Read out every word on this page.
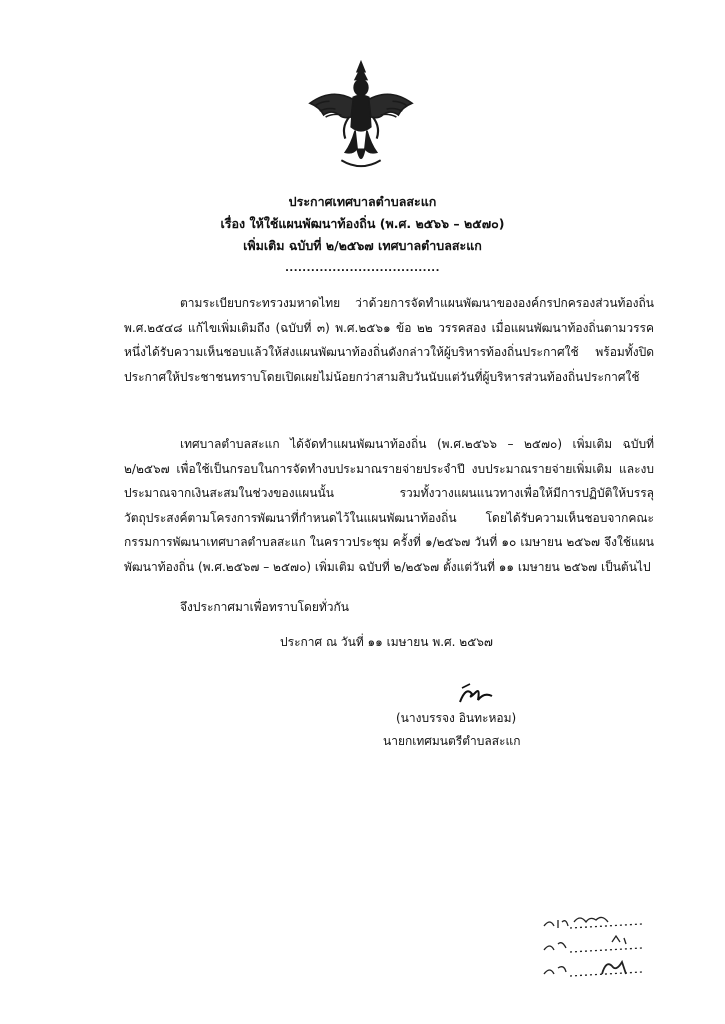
ประกาศเทศบาลตำบลสะแก
เรื่อง ให้ใช้แผนพัฒนาท้องถิ่น (พ.ศ. ๒๕๖๖ – ๒๕๗๐)
เพิ่มเติม ฉบับที่ ๒/๒๕๖๗ เทศบาลตำบลสะแก
....................................
ตามระเบียบกระทรวงมหาดไทย ว่าด้วยการจัดทำแผนพัฒนาขององค์กรปกครองส่วนท้องถิ่น พ.ศ.๒๕๔๘ แก้ไขเพิ่มเติมถึง (ฉบับที่ ๓) พ.ศ.๒๕๖๑ ข้อ ๒๒ วรรคสอง เมื่อแผนพัฒนาท้องถิ่นตามวรรคหนึ่งได้รับความเห็นชอบแล้วให้ส่งแผนพัฒนาท้องถิ่นดังกล่าวให้ผู้บริหารท้องถิ่นประกาศใช้ พร้อมทั้งปิดประกาศให้ประชาชนทราบโดยเปิดเผยไม่น้อยกว่าสามสิบวันนับแต่วันที่ผู้บริหารส่วนท้องถิ่นประกาศใช้
เทศบาลตำบลสะแก ได้จัดทำแผนพัฒนาท้องถิ่น (พ.ศ.๒๕๖๖ – ๒๕๗๐) เพิ่มเติม ฉบับที่ ๒/๒๕๖๗ เพื่อใช้เป็นกรอบในการจัดทำงบประมาณรายจ่ายประจำปี งบประมาณรายจ่ายเพิ่มเติม และงบประมาณจากเงินสะสมในช่วงของแผนนั้น รวมทั้งวางแผนแนวทางเพื่อให้มีการปฏิบัติให้บรรลุวัตถุประสงค์ตามโครงการพัฒนาที่กำหนดไว้ในแผนพัฒนาท้องถิ่น โดยได้รับความเห็นชอบจากคณะกรรมการพัฒนาเทศบาลตำบลสะแก ในคราวประชุม ครั้งที่ ๑/๒๕๖๗ วันที่ ๑๐ เมษายน ๒๕๖๗ จึงใช้แผนพัฒนาท้องถิ่น (พ.ศ.๒๕๖๗ – ๒๕๗๐) เพิ่มเติม ฉบับที่ ๒/๒๕๖๗ ตั้งแต่วันที่ ๑๑ เมษายน ๒๕๖๗ เป็นต้นไป
จึงประกาศมาเพื่อทราบโดยทั่วกัน
ประกาศ ณ วันที่ ๑๑ เมษายน พ.ศ. ๒๕๖๗
(นางบรรจง อินทะหอม)
นายกเทศมนตรีตำบลสะแก
